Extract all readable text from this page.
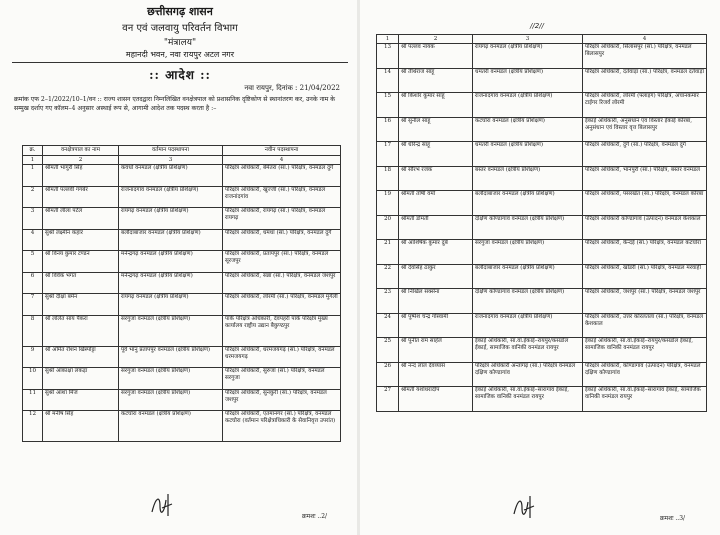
छत्तीसगढ़ शासन
वन एवं जलवायु परिवर्तन विभाग
"मंत्रालय"
महानदी भवन, नवा रायपुर अटल नगर
:: आदेश ::
नवा रायपुर, दिनांक : 21/04/2022
क्रमांक एफ 2–1/2022/10–1/वन :: राज्य शासन एतदद्वारा निम्नलिखित वनक्षेत्रपाल को प्रशासनिक दृष्टिकोण से स्थानांतरण कर, उनके नाम के सम्मुख दर्शाए गए कॉलम–4 अनुसार अस्थाई रूप से, आगामी आदेश तक पदस्थ करता है :–
क्र.	वनक्षेत्रपाल का नाम	वर्तमान पदस्थापना	नवीन पदस्थापना
1	2	3	4
1	श्रीमती भागुरी सिंह	कवर्धा वनमंडल (क्षेत्रीय प्रशिक्षण)	परिक्षेत्र अधिकारी, बेमेतरा (सा.) परिक्षेत्र, वनमंडल दुर्ग
2	श्रीमती पल्लवी गंगबेर	राजनांदगांव वनमंडल (क्षेत्रीय प्रशिक्षण)	परिक्षेत्र अधिकारी, खुज्जी (सा.) परिक्षेत्र, वनमंडल राजनांदगांव
3	श्रीमती लीला पटेल	रायगढ़ वनमंडल (क्षेत्रीय प्रशिक्षण)	परिक्षेत्र अधिकारी, रायगढ़ (सा.) परिक्षेत्र, वनमंडल रायगढ़
4	सुश्री लक्ष्मीन कहार	बलौदाबाजार वनमंडल (क्षेत्रीय प्रशिक्षण)	परिक्षेत्र अधिकारी, धमधा (सा.) परिक्षेत्र, वनमंडल दुर्ग
5	श्री विनय कुमार टण्डन	मनेन्द्रगढ़ वनमंडल (क्षेत्रीय प्रशिक्षण)	परिक्षेत्र अधिकारी, प्रतापपुर (सा.) परिक्षेत्र, वनमंडल सूरजपुर
6	श्री विवेक भगत	मनेन्द्रगढ़ वनमंडल (क्षेत्रीय प्रशिक्षण)	परिक्षेत्र अधिकारी, सन्ना (सा.) परिक्षेत्र, वनमंडल जशपुर
7	सुश्री दीक्षा बर्मन	रायगढ़ वनमंडल (क्षेत्रीय प्रशिक्षण)	परिक्षेत्र अधिकारी, लोरमी (सा.) परिक्षेत्र, वनमंडल मुंगेली
8	श्री ललित साय पैकरा	सरगुजा वनमंडल (क्षेत्रीय प्रशिक्षण)	पार्क परिक्षेत्र अधिकारी, देवपहरी पार्क परिक्षेत्र मुख्य कार्यालय राष्ट्रीय उद्यान बैकुण्ठपुर
9	श्री अमित रोशन खिस्पोट्टा	पूर्व भानु प्रतापपुर वनमंडल (क्षेत्रीय प्रशिक्षण)	परिक्षेत्र अधिकारी, धरमजयगढ़ (सा.) परिक्षेत्र, वनमंडल धरमजयगढ़
10	सुश्री आकांक्षा लकड़ा	सरगुजा वनमंडल (क्षेत्रीय प्रशिक्षण)	परिक्षेत्र अधिकारी, सुरुजा (सा.) परिक्षेत्र, वनमंडल सरगुजा
11	सुश्री आशा मिंज	सरगुजा वनमंडल (क्षेत्रीय प्रशिक्षण)	परिक्षेत्र अधिकारी, सुनकुरी (सा.) परिक्षेत्र, वनमंडल जशपुर
12	श्री मनीष सिंह	कटघोरा वनमंडल (क्षेत्रीय प्रशिक्षण)	परिक्षेत्र अधिकारी, एतमानगर (सा.) परिक्षेत्र, वनमंडल कटघोरा (वर्तमान परिक्षेत्राधिकारी के सेवानिवृत्त उपरांत)
क्रमशः ..2/
//2//
1	2	3	4
13	श्री पल्लव नायक	रायगढ़ वनमंडल (क्षेत्रीय प्रशिक्षण)	परिक्षेत्र अधिकारी, सिलासपुर (सा.) परिक्षेत्र, वनमंडल बिलासपुर
14	श्री तीर्थराज साहू	धमतरी वनमंडल (क्षेत्रीय प्रशिक्षण)	परिक्षेत्र अधिकारी, दंतेवाड़ा (सा.) परिक्षेत्र, वनमंडल दंतेवाड़ा
15	श्री किशोर कुमार साहू	राजनांदगांव वनमंडल (क्षेत्रीय प्रशिक्षण)	परिक्षेत्र अधिकारी, लोरमी (फ्लाइंग) परिक्षेत्र, अचानकमार टाईगर रिजर्व लोरमी
16	श्री सुनील साहू	कटघोरा वनमंडल (क्षेत्रीय प्रशिक्षण)	ईकाई अधिकारी, अनुसंधान एवं विस्तार ईकाई कोरबा, अनुसंधान एवं विस्तार वृत्त बिलासपुर
17	श्री धीरेन्द्र साहू	धमतरी वनमंडल (क्षेत्रीय प्रशिक्षण)	परिक्षेत्र अधिकारी, दुर्ग (सा.) परिक्षेत्र, वनमंडल दुर्ग
18	श्री सौरभ रजक	बस्तर वनमंडल (क्षेत्रीय प्रशिक्षण)	परिक्षेत्र अधिकारी, भानपुरी (सा.) परिक्षेत्र, बस्तर वनमंडल
19	श्रीमती तोषी वर्मा	बलौदाबाजार वनमंडल (क्षेत्रीय प्रशिक्षण)	परिक्षेत्र अधिकारी, पसरखेत (सा.) परिक्षेत्र, वनमंडल कोरबा
20	श्रीमती डोमती	दक्षिण कोण्डागांव वनमंडल (क्षेत्रीय प्रशिक्षण)	परिक्षेत्र अधिकारी कोण्डागांव (उत्पादन) वनमंडल केशकाल
21	श्री आशिषेक कुमार दुबे	सरगुजा वनमंडल (क्षेत्रीय प्रशिक्षण)	परिक्षेत्र अधिकारी, केन्दई (सा.) परिक्षेत्र, वनमंडल कटघोरा
22	श्री देवसिंह ठाकुर	बलौदाबाजार वनमंडल (क्षेत्रीय प्रशिक्षण)	परिक्षेत्र अधिकारी, खोडरी (सा.) परिक्षेत्र, वनमंडल मरवाही
23	श्री निखिल सक्सेना	दक्षिण कोण्डागांव वनमंडल (क्षेत्रीय प्रशिक्षण)	परिक्षेत्र अधिकारी, जशपुर (सा.) परिक्षेत्र, वनमंडल जशपुर
24	श्री पुष्पेश चन्द्र गोस्वामी	राजनांदगांव वनमंडल (क्षेत्रीय प्रशिक्षण)	परिक्षेत्र अधिकारी, उत्तर कोरलतला (सा.) परिक्षेत्र, वनमंडल केशकाल
25	श्री पुनीत राम साहेल	ईकाई अधिकारी, सा.वा.ईकाई–रायपुर/कसडोल ईकाई, सामाजिक वानिकी वनमंडल रायपुर	ईकाई अधिकारी, सा.वा.ईकाई–रायपुर/कसडोल ईकाई, सामाजिक वानिकी वनमंडल रायपुर
26	श्री नन्द लाल देवव्यास	परिक्षेत्र अधिकारी अन्तागढ़ (सा.) परिक्षेत्र वनमंडल दक्षिण कोण्डागांव	परिक्षेत्र अधिकारी, कोण्डागांव (उत्पादन) परिक्षेत्र, वनमंडल दक्षिण कोण्डागांव
27	श्रीमती यशोधरादीप	ईकाई अधिकारी, सा.वा.ईकाई–सारागांव ईकाई, सामाजिक वानिकी वनमंडल रायपुर	ईकाई अधिकारी, सा.वा.ईकाई–सारागांव ईकाई, सामाजिक वानिकी वनमंडल रायपुर
क्रमशः ..3/
